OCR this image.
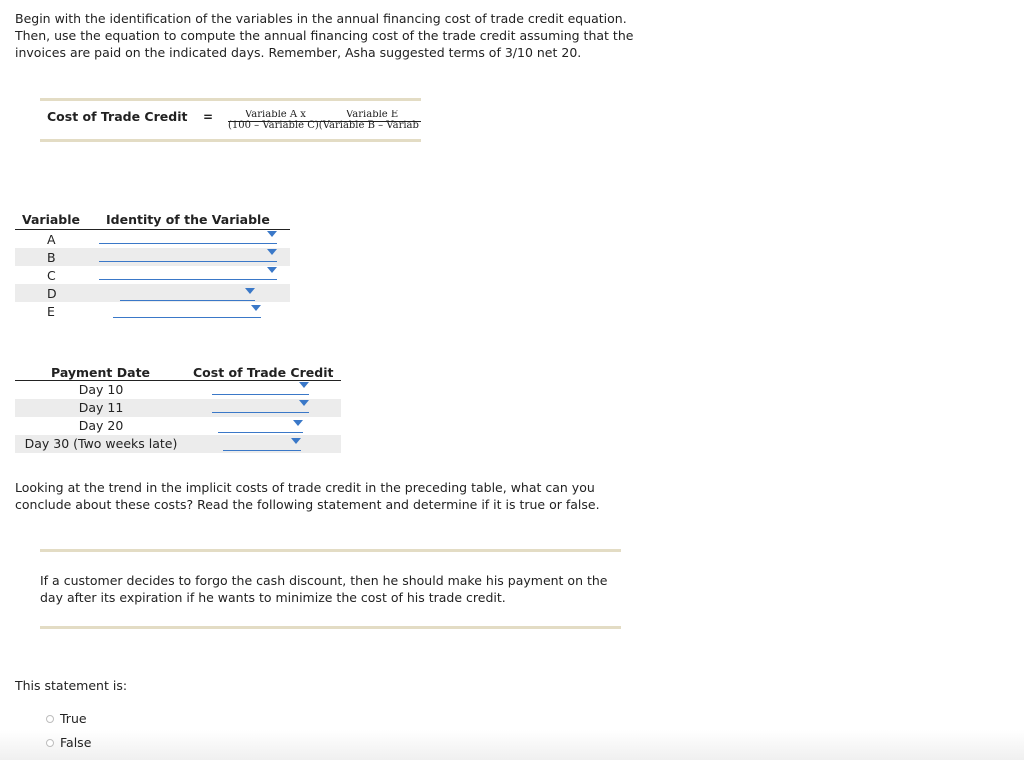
Begin with the identification of the variables in the annual financing cost of trade credit equation.

Then, use the equation to compute the annual financing cost of the trade credit assuming that the

invoices are paid on the indicated days. Remember, Asha suggested terms of 3/10 net 20.

Cost of Trade Credit =	Variable A x	Variable E
(100 – Variable C)(Variable B – Variab
Variable Identity of the Variable
A
B
C
D
E
Payment Date	Cost of Trade Credit
Day 10
Day 11
Day 20
Day 30 (Two weeks late)
Looking at the trend in the implicit costs of trade credit in the preceding table, what can you
conclude about these costs? Read the following statement and determine if it is true or false.
If a customer decides to forgo the cash discount, then he should make his payment on the
day after its expiration if he wants to minimize the cost of his trade credit.
This statement is:
True
False
